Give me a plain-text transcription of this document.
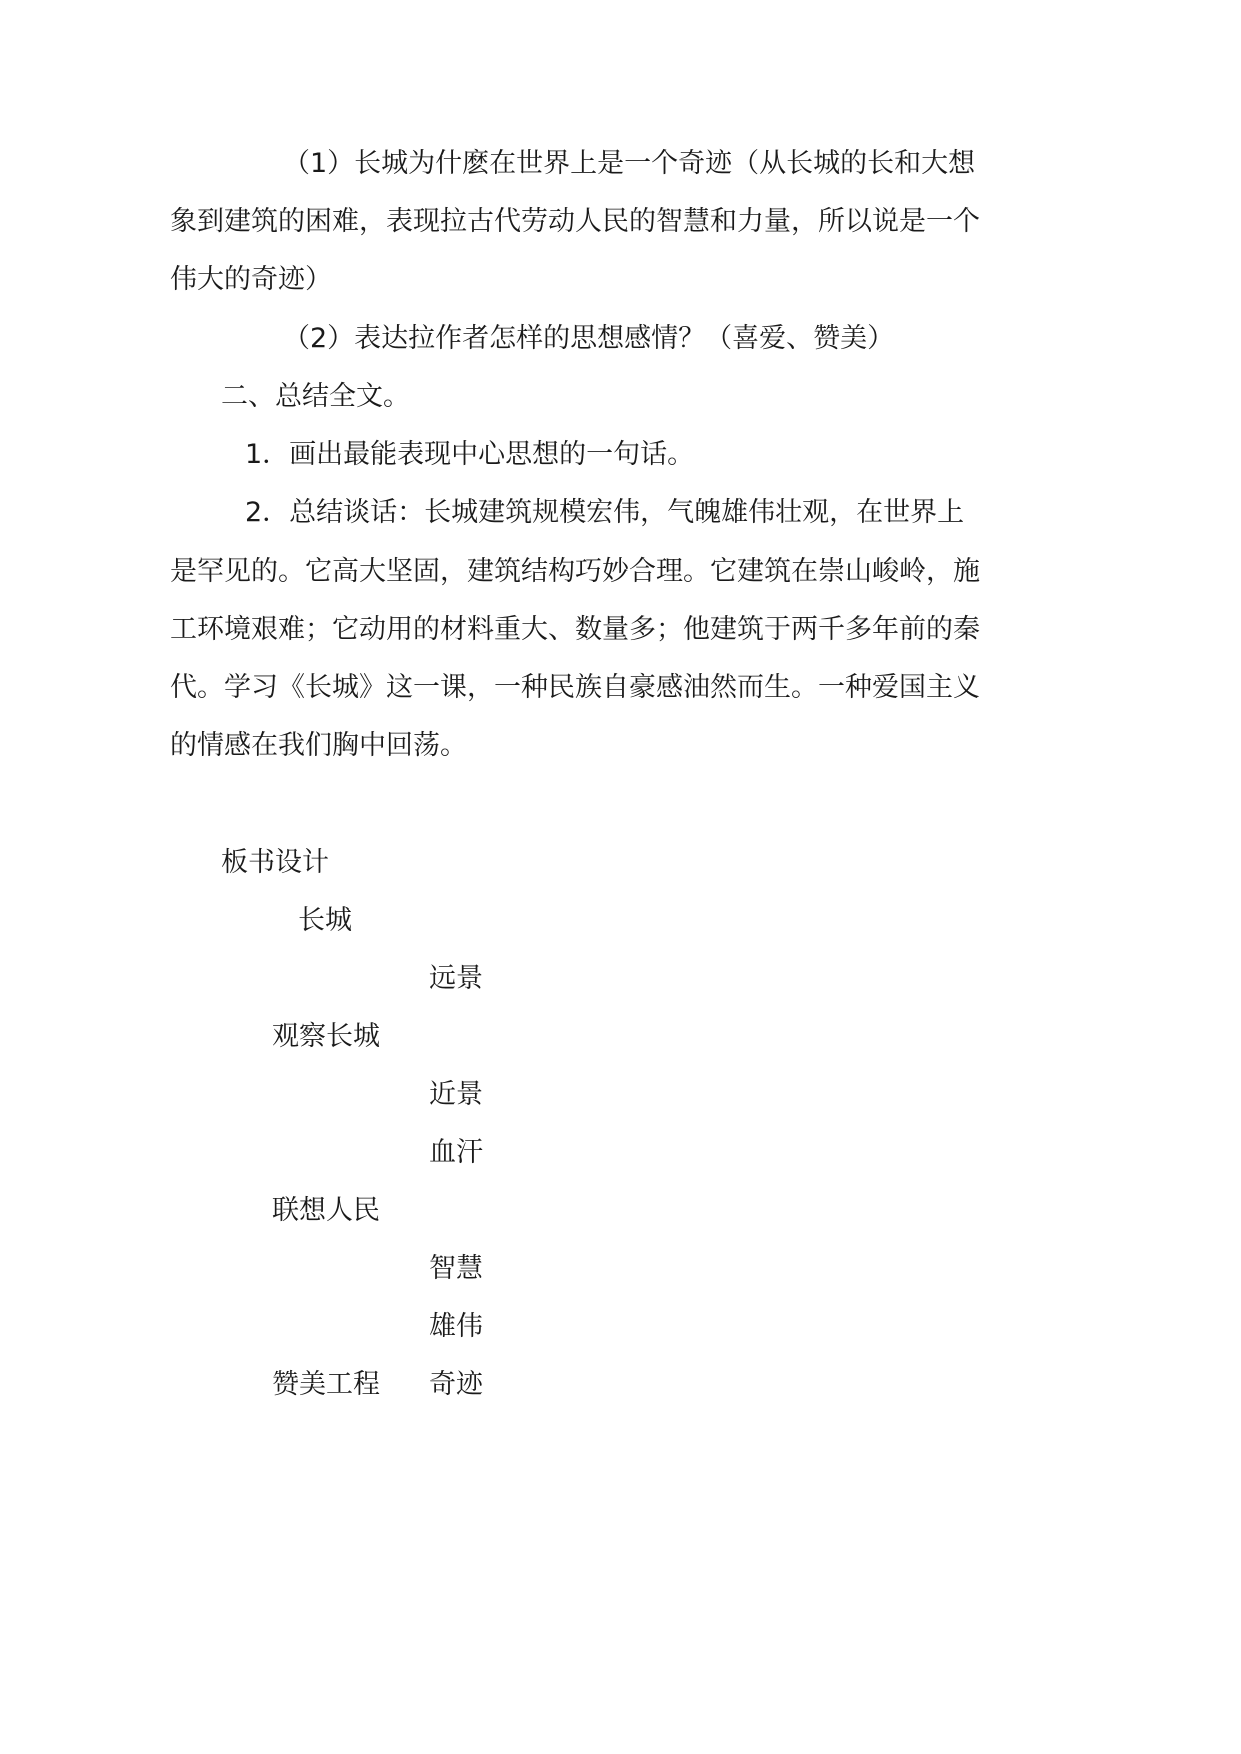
（1）长城为什麽在世界上是一个奇迹（从长城的长和大想
象到建筑的困难，表现拉古代劳动人民的智慧和力量，所以说是一个
伟大的奇迹）
（2）表达拉作者怎样的思想感情？（喜爱、赞美）
二、总结全文。
1．画出最能表现中心思想的一句话。
2．总结谈话：长城建筑规模宏伟，气魄雄伟壮观，在世界上
是罕见的。它高大坚固，建筑结构巧妙合理。它建筑在崇山峻岭，施
工环境艰难；它动用的材料重大、数量多；他建筑于两千多年前的秦
代。学习《长城》这一课，一种民族自豪感油然而生。一种爱国主义
的情感在我们胸中回荡。
板书设计
长城
远景
观察长城
近景
血汗
联想人民
智慧
雄伟
赞美工程 奇迹
